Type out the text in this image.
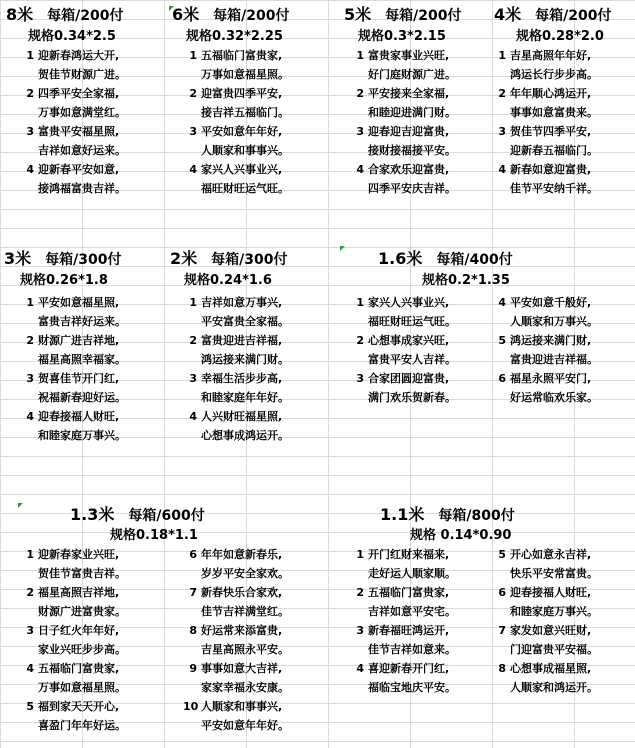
8米   每箱/200付
规格0.34*2.5
1 迎新春鸿运大开,
贺佳节财源广进。
2 四季平安全家福,
万事如意满堂红。
3 富贵平安福星照,
吉祥如意好运来。
4 迎新春平安如意,
接鸿福富贵吉祥。
6米   每箱/200付
规格0.32*2.25
1 五福临门富贵家,
万事如意福星照。
2 迎富贵四季平安,
接吉祥五福临门。
3 平安如意年年好,
人顺家和事事兴。
4 家兴人兴事业兴,
福旺财旺运气旺。
5米   每箱/200付
规格0.3*2.15
1 富贵家事业兴旺,
好门庭财源广进。
2 平安接来全家福,
和睦迎进满门财。
3 迎春迎吉迎富贵,
接财接福接平安。
4 合家欢乐迎富贵,
四季平安庆吉祥。
4米   每箱/200付
规格0.28*2.0
1 吉星高照年年好,
鸿运长行步步高。
2 年年顺心鸿运开,
事事如意富贵来。
3 贺佳节四季平安,
迎新春五福临门。
4 新春如意迎富贵,
佳节平安纳千祥。
3米   每箱/300付
规格0.26*1.8
1 平安如意福星照,
富贵吉祥好运来。
2 财源广进吉祥地,
福星高照幸福家。
3 贺喜佳节开门红,
祝福新春迎好运。
4 迎春接福人财旺,
和睦家庭万事兴。
2米   每箱/300付
规格0.24*1.6
1 吉祥如意万事兴,
平安富贵全家福。
2 富贵迎进吉祥福,
鸿运接来满门财。
3 幸福生活步步高,
和睦家庭年年好。
4 人兴财旺福星照,
心想事成鸿运开。
1.6米   每箱/400付
规格0.2*1.35
1 家兴人兴事业兴,
福旺财旺运气旺。
2 心想事成家兴旺,
富贵平安人吉祥。
3 合家团圆迎富贵,
满门欢乐贺新春。
4 平安如意千般好,
人顺家和万事兴。
5 鸿运接来满门财,
富贵迎进吉祥福。
6 福星永照平安门,
好运常临欢乐家。
1.3米   每箱/600付
规格0.18*1.1
1 迎新春家业兴旺,
贺佳节富贵吉祥。
2 福星高照吉祥地,
财源广进富贵家。
3 日子红火年年好,
家业兴旺步步高。
4 五福临门富贵家,
万事如意福星照。
5 福到家天天开心,
喜盈门年年好运。
6 年年如意新春乐,
岁岁平安全家欢。
7 新春快乐合家欢,
佳节吉祥满堂红。
8 好运常来添富贵,
吉星高照永平安。
9 事事如意大吉祥,
家家幸福永安康。
10 人顺家和事事兴,
平安如意年年好。
1.1米   每箱/800付
规格 0.14*0.90
1 开门红财来福来,
走好运人顺家顺。
2 五福临门富贵家,
吉祥如意平安宅。
3 新春福旺鸿运开,
佳节吉祥如意来。
4 喜迎新春开门红,
福临宝地庆平安。
5 开心如意永吉祥,
快乐平安常富贵。
6 迎春接福人财旺,
和睦家庭万事兴。
7 家发如意兴旺财,
门迎富贵平安福。
8 心想事成福星照,
人顺家和鸿运开。
